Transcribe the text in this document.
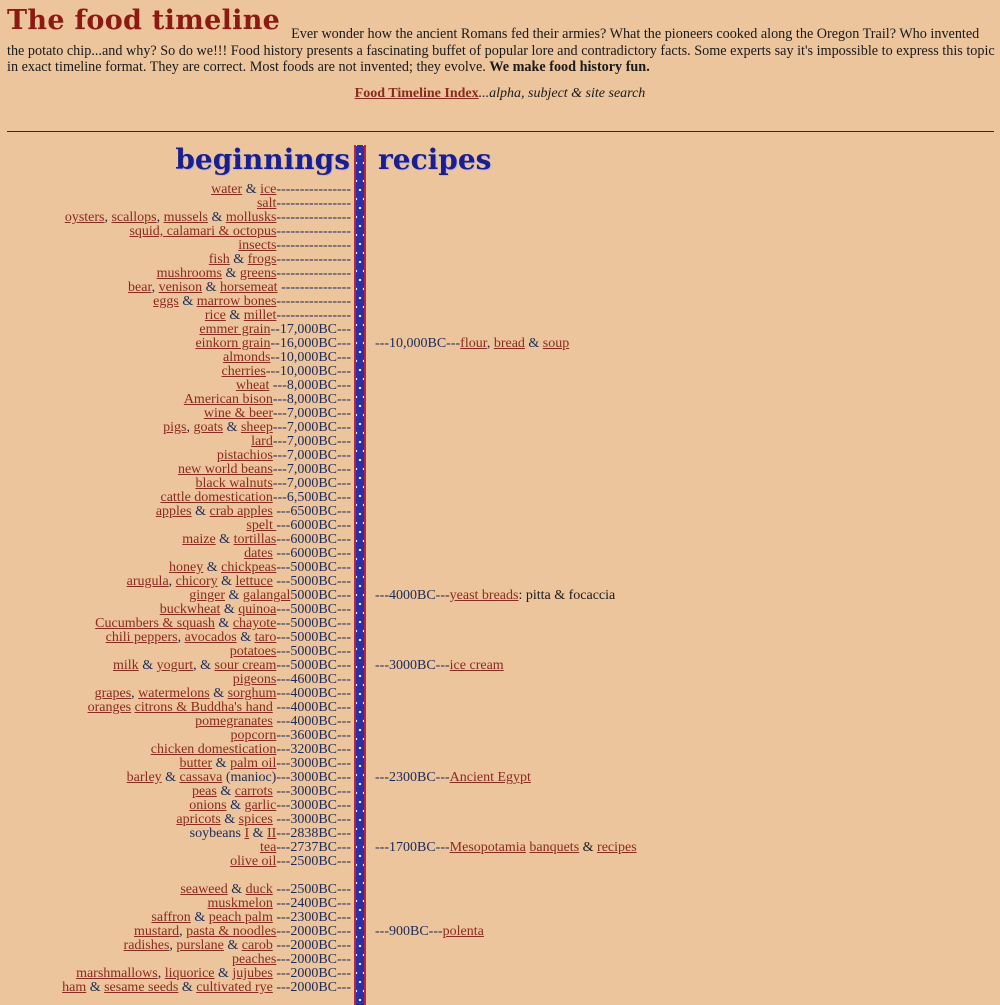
The food timeline Ever wonder how the ancient Romans fed their armies? What the pioneers cooked along the Oregon Trail? Who invented the potato chip...and why? So do we!!! Food history presents a fascinating buffet of popular lore and contradictory facts. Some experts say it's impossible to express this topic in exact timeline format. They are correct. Most foods are not invented; they evolve. We make food history fun.
Food Timeline Index...alpha, subject & site search
beginnings recipes
water & ice----------------
salt----------------
oysters, scallops, mussels & mollusks----------------
squid, calamari & octopus----------------
insects----------------
fish & frogs----------------
mushrooms & greens----------------
bear, venison & horsemeat ---------------
eggs & marrow bones----------------
rice & millet----------------
emmer grain--17,000BC---
einkorn grain--16,000BC---
almonds--10,000BC---
cherries---10,000BC---
wheat ---8,000BC---
American bison---8,000BC---
wine & beer---7,000BC---
pigs, goats & sheep---7,000BC---
lard---7,000BC---
pistachios---7,000BC---
new world beans---7,000BC---
black walnuts---7,000BC---
cattle domestication---6,500BC---
apples & crab apples ---6500BC---
spelt ---6000BC---
maize & tortillas---6000BC---
dates ---6000BC---
honey & chickpeas---5000BC---
arugula, chicory & lettuce ---5000BC---
ginger & galangal5000BC---
buckwheat & quinoa---5000BC---
Cucumbers & squash & chayote---5000BC---
chili peppers, avocados & taro---5000BC---
potatoes---5000BC---
milk & yogurt, & sour cream---5000BC---
pigeons---4600BC---
grapes, watermelons & sorghum---4000BC---
oranges citrons & Buddha's hand ---4000BC---
pomegranates ---4000BC---
popcorn---3600BC---
chicken domestication---3200BC---
butter & palm oil---3000BC---
barley & cassava (manioc)---3000BC---
peas & carrots ---3000BC---
onions & garlic---3000BC---
apricots & spices ---3000BC---
soybeans I & II---2838BC---
tea---2737BC---
olive oil---2500BC---
seaweed & duck ---2500BC---
muskmelon ---2400BC---
saffron & peach palm ---2300BC---
mustard, pasta & noodles---2000BC---
radishes, purslane & carob ---2000BC---
peaches---2000BC---
marshmallows, liquorice & jujubes ---2000BC---
ham & sesame seeds & cultivated rye ---2000BC---
---10,000BC---flour, bread & soup
---4000BC---yeast breads: pitta & focaccia
---3000BC---ice cream
---2300BC---Ancient Egypt
---1700BC---Mesopotamia banquets & recipes
---900BC---polenta
